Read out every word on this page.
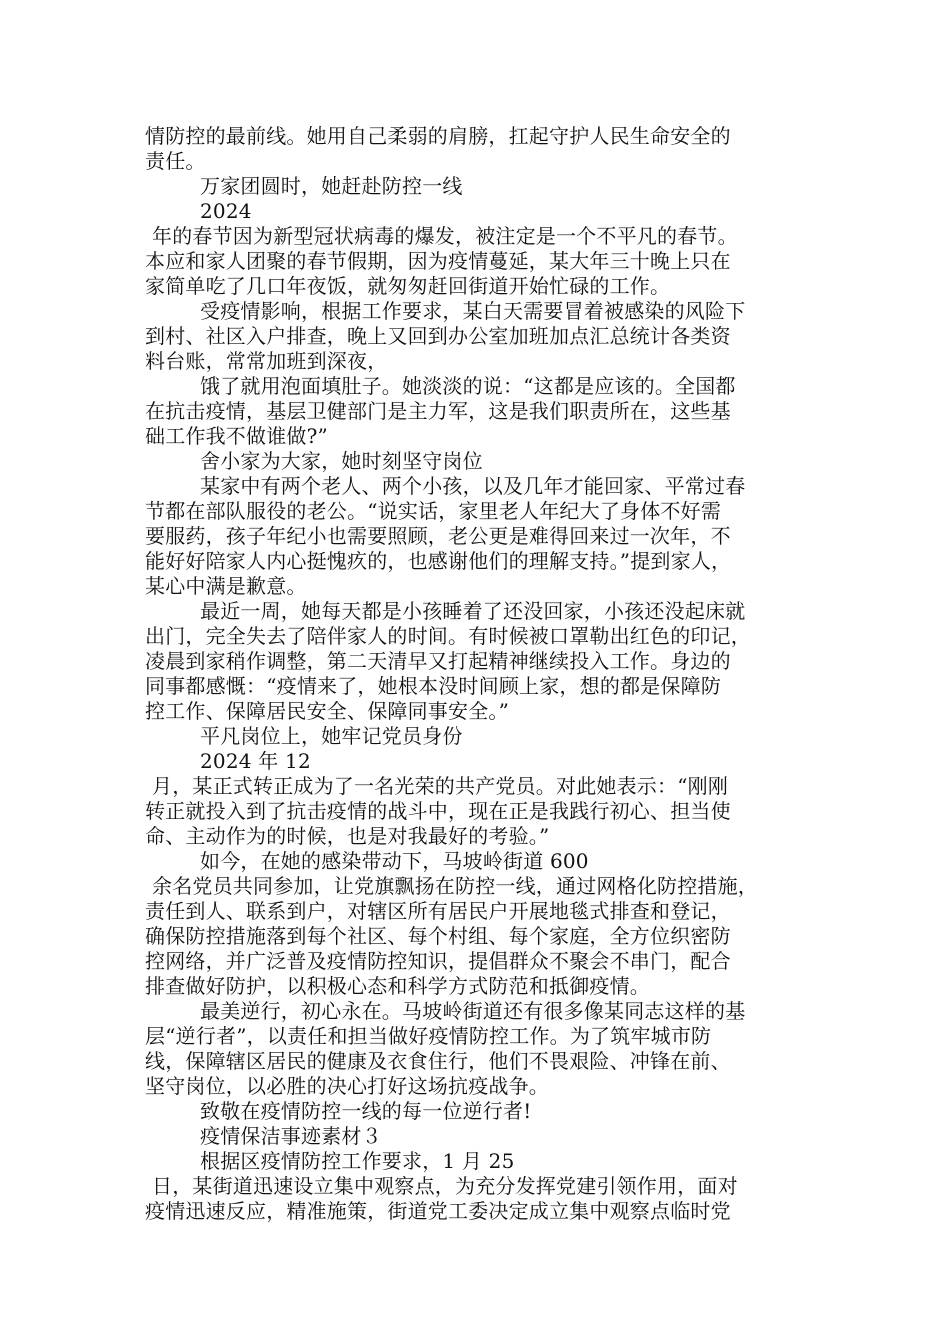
情防控的最前线。她用自己柔弱的肩膀，扛起守护人民生命安全的
责任。
万家团圆时，她赶赴防控一线
2024
年的春节因为新型冠状病毒的爆发，被注定是一个不平凡的春节。
本应和家人团聚的春节假期，因为疫情蔓延，某大年三十晚上只在
家简单吃了几口年夜饭，就匆匆赶回街道开始忙碌的工作。
受疫情影响，根据工作要求，某白天需要冒着被感染的风险下
到村、社区入户排查，晚上又回到办公室加班加点汇总统计各类资
料台账，常常加班到深夜，
饿了就用泡面填肚子。她淡淡的说：“这都是应该的。全国都
在抗击疫情，基层卫健部门是主力军，这是我们职责所在，这些基
础工作我不做谁做?”
舍小家为大家，她时刻坚守岗位
某家中有两个老人、两个小孩，以及几年才能回家、平常过春
节都在部队服役的老公。“说实话，家里老人年纪大了身体不好需
要服药，孩子年纪小也需要照顾，老公更是难得回来过一次年，不
能好好陪家人内心挺愧疚的，也感谢他们的理解支持。”提到家人，
某心中满是歉意。
最近一周，她每天都是小孩睡着了还没回家，小孩还没起床就
出门，完全失去了陪伴家人的时间。有时候被口罩勒出红色的印记，
凌晨到家稍作调整，第二天清早又打起精神继续投入工作。身边的
同事都感慨：“疫情来了，她根本没时间顾上家，想的都是保障防
控工作、保障居民安全、保障同事安全。”
平凡岗位上，她牢记党员身份
2024 年 12
月，某正式转正成为了一名光荣的共产党员。对此她表示：“刚刚
转正就投入到了抗击疫情的战斗中，现在正是我践行初心、担当使
命、主动作为的时候，也是对我最好的考验。”
如今，在她的感染带动下，马坡岭街道 600
余名党员共同参加，让党旗飘扬在防控一线，通过网格化防控措施，
责任到人、联系到户，对辖区所有居民户开展地毯式排查和登记，
确保防控措施落到每个社区、每个村组、每个家庭，全方位织密防
控网络，并广泛普及疫情防控知识，提倡群众不聚会不串门，配合
排查做好防护，以积极心态和科学方式防范和抵御疫情。
最美逆行，初心永在。马坡岭街道还有很多像某同志这样的基
层“逆行者”，以责任和担当做好疫情防控工作。为了筑牢城市防
线，保障辖区居民的健康及衣食住行，他们不畏艰险、冲锋在前、
坚守岗位，以必胜的决心打好这场抗疫战争。
致敬在疫情防控一线的每一位逆行者!
疫情保洁事迹素材３
根据区疫情防控工作要求，1 月 25
日，某街道迅速设立集中观察点，为充分发挥党建引领作用，面对
疫情迅速反应，精准施策，街道党工委决定成立集中观察点临时党
